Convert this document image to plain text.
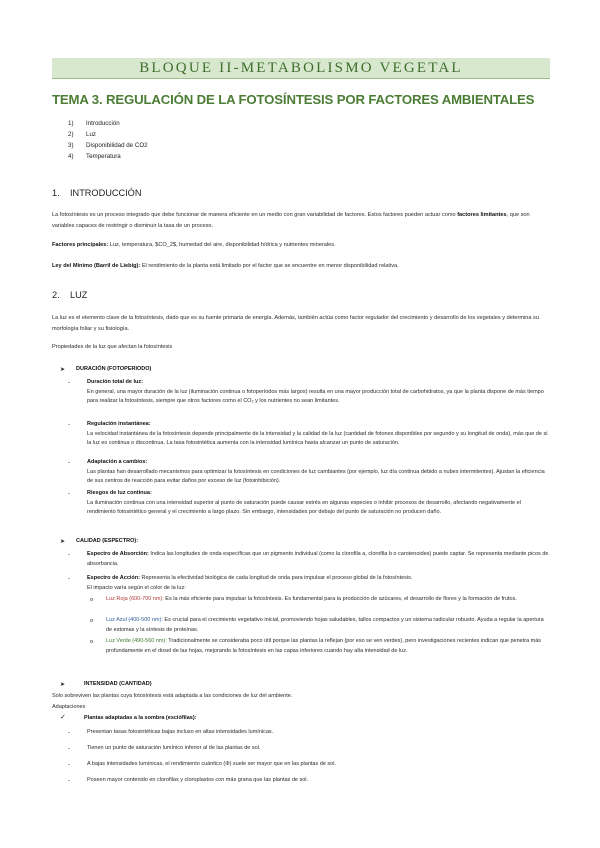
BLOQUE II-METABOLISMO VEGETAL
TEMA 3. REGULACIÓN DE LA FOTOSÍNTESIS POR FACTORES AMBIENTALES
1) Introducción
2) Luz
3) Disponibilidad de CO2
4) Temperatura
1. INTRODUCCIÓN
La fotosíntesis es un proceso integrado que debe funcionar de manera eficiente en un medio con gran variabilidad de factores. Estos factores pueden actuar como factores limitantes, que son variables capaces de restringir o disminuir la tasa de un proceso.
Factores principales: Luz, temperatura, $CO_2$, humedad del aire, disponibilidad hídrica y nutrientes minerales.
Ley del Mínimo (Barril de Liebig): El rendimiento de la planta está limitado por el factor que se encuentre en menor disponibilidad relativa.
2. LUZ
La luz es el elemento clave de la fotosíntesis, dado que es su fuente primaria de energía. Además, también actúa como factor regulador del crecimiento y desarrollo de los vegetales y determina su morfología foliar y su fisiología.
Propiedades de la luz que afectan la fotosíntesis
➤ DURACIÓN (FOTOPERIODO)
-	Duración total de luz:
En general, una mayor duración de la luz (iluminación continua o fotoperíodos más largos) resulta en una mayor producción total de carbohidratos, ya que la planta dispone de más tiempo para realizar la fotosíntesis, siempre que otros factores como el CO₂ y los nutrientes no sean limitantes.
-	Regulación instantánea:
La velocidad instantánea de la fotosíntesis depende principalmente de la intensidad y la calidad de la luz (cantidad de fotones disponibles por segundo y su longitud de onda), más que de si la luz es continua o discontinua. La tasa fotosintética aumenta con la intensidad lumínica hasta alcanzar un punto de saturación.
-	Adaptación a cambios:
Las plantas han desarrollado mecanismos para optimizar la fotosíntesis en condiciones de luz cambiantes (por ejemplo, luz día continua debido a nubes intermitentes). Ajustan la eficiencia de sus centros de reacción para evitar daños por exceso de luz (fotoinhibición).
-	Riesgos de luz continua:
La iluminación continua con una intensidad superior al punto de saturación puede causar estrés en algunas especies o inhibir procesos de desarrollo, afectando negativamente el rendimiento fotosintético general y el crecimiento a largo plazo. Sin embargo, intensidades por debajo del punto de saturación no producen daño.
➤ CALIDAD (ESPECTRO):
-	Espectro de Absorción: Indica las longitudes de onda específicas que un pigmento individual (como la clorofila a, clorofila b o carotenoides) puede captar. Se representa mediante picos de absorbancia.
-	Espectro de Acción: Representa la efectividad biológica de cada longitud de onda para impulsar el proceso global de la fotosíntesis.
El impacto varía según el color de la luz:
o Luz Roja (600-700 nm): Es la más eficiente para impulsar la fotosíntesis. Es fundamental para la producción de azúcares, el desarrollo de flores y la formación de frutos.
o Luz Azul (400-500 nm): Es crucial para el crecimiento vegetativo inicial, promoviendo hojas saludables, tallos compactos y un sistema radicular robusto. Ayuda a regular la apertura de estomas y la síntesis de proteínas.
o Luz Verde (490-560 nm): Tradicionalmente se consideraba poco útil porque las plantas la reflejan (por eso se ven verdes), pero investigaciones recientes indican que penetra más profundamente en el dosel de las hojas, mejorando la fotosíntesis en las capas inferiores cuando hay alta intensidad de luz.
➤	INTENSIDAD (CANTIDAD)
Solo sobreviven las plantas cuya fotosíntesis está adaptada a las condiciones de luz del ambiente.
Adaptaciones
✓	Plantas adaptadas a la sombra (esciófilas):
-	Presentan tasas fotosintéticas bajas incluso en altas intensidades lumínicas.
-	Tienen un punto de saturación lumínico inferior al de las plantas de sol.
-	A bajas intensidades lumínicas, el rendimiento cuántico (Φ) suele ser mayor que en las plantas de sol.
-	Poseen mayor contenido en clorofilas y cloroplastos con más grana que las plantas de sol.
